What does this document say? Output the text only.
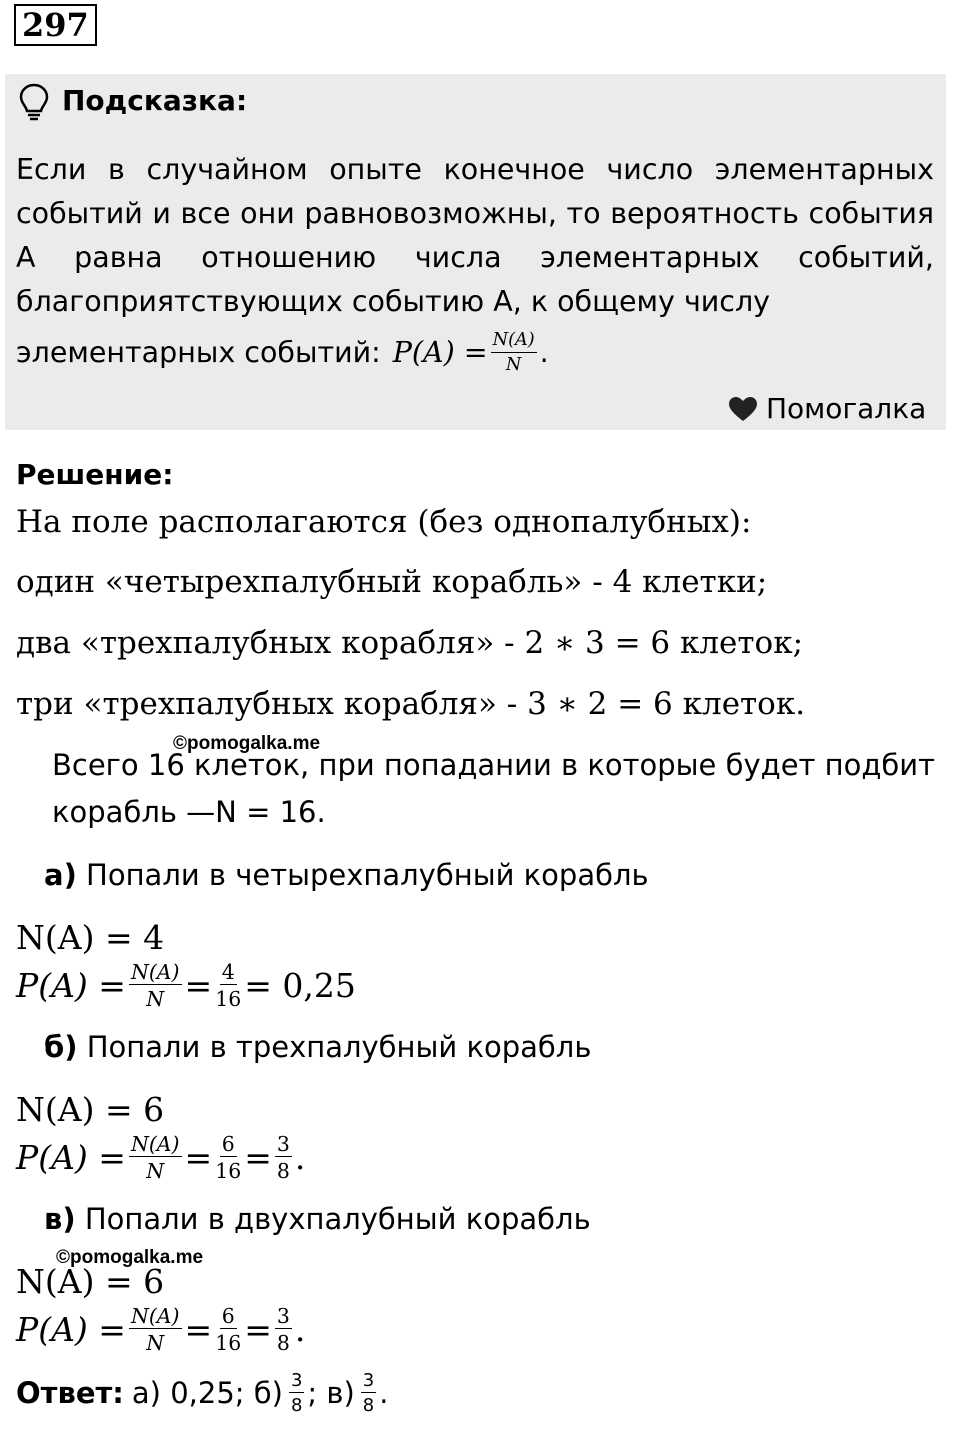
297
Подсказка:
Если в случайном опыте конечное число элементарных событий и все они равновозможны, то вероятность события А равна отношению числа элементарных событий, благоприятствующих событию А, к общему числу
элементарных событий: $P(A) = \frac{N(A)}{N}$ .
Помогалка
Решение:
На поле располагаются (без однопалубных):
один «четырехпалубный корабль» - 4 клетки;
два «трехпалубных корабля» - 2 ∗ 3 = 6 клеток;
три «трехпалубных корабля» - 3 ∗ 2 = 6 клеток.
©pomogalka.me
Всего 16 клеток, при попадании в которые будет подбит
корабль —N = 16.
а) Попали в четырехпалубный корабль
N(A) = 4
$P(A) = \frac{N(A)}{N} = \frac{4}{16} = 0,25$
б) Попали в трехпалубный корабль
N(A) = 6
$P(A) = \frac{N(A)}{N} = \frac{6}{16} = \frac{3}{8}$ .
в) Попали в двухпалубный корабль
©pomogalka.me
N(A) = 6
$P(A) = \frac{N(A)}{N} = \frac{6}{16} = \frac{3}{8}$ .
Ответ: а) 0,25; $б) \frac{3}{8}$ ; $в) \frac{3}{8}$ .
